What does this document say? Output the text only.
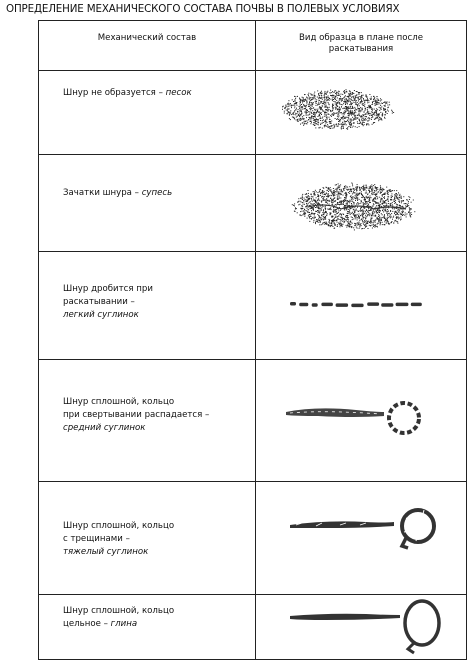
ОПРЕДЕЛЕНИЕ МЕХАНИЧЕСКОГО СОСТАВА ПОЧВЫ В ПОЛЕВЫХ УСЛОВИЯХ
Механический состав	Вид образца в плане после
раскатывания

Шнур не образуется – песок	

Зачатки шнура – супесь	

Шнур дробится при
раскатывании –
легкий суглинок

Шнур сплошной, кольцо
при свертывании распадается –
средний суглинок

Шнур сплошной, кольцо
с трещинами –
тяжелый суглинок

Шнур сплошной, кольцо
цельное – глина
